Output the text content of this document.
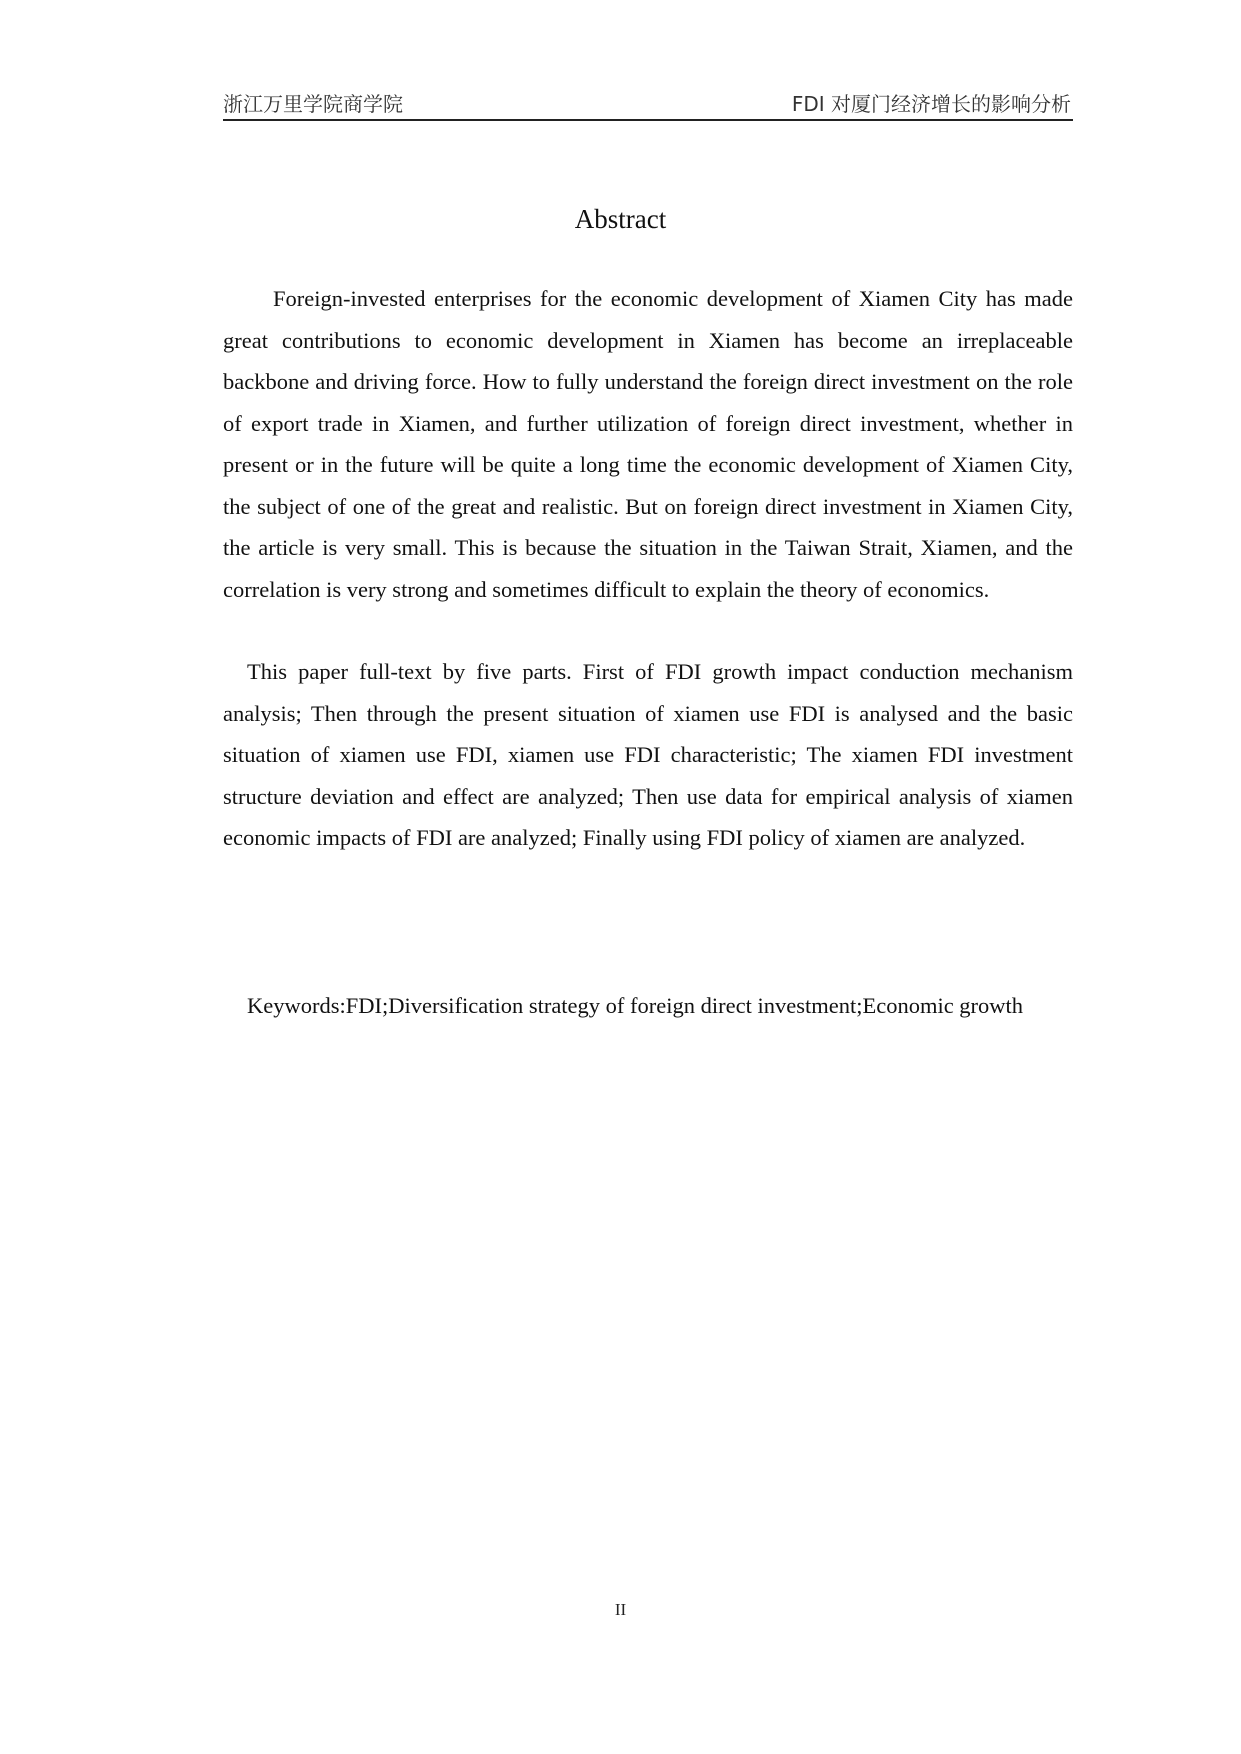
浙江万里学院商学院	FDI 对厦门经济增长的影响分析
Abstract

Foreign-invested enterprises for the economic development of Xiamen City has made great contributions to economic development in Xiamen has become an irreplaceable backbone and driving force. How to fully understand the foreign direct investment on the role of export trade in Xiamen, and further utilization of foreign direct investment, whether in present or in the future will be quite a long time the economic development of Xiamen City, the subject of one of the great and realistic. But on foreign direct investment in Xiamen City, the article is very small. This is because the situation in the Taiwan Strait, Xiamen, and the correlation is very strong and sometimes difficult to explain the theory of economics.

This paper full-text by five parts. First of FDI growth impact conduction mechanism analysis; Then through the present situation of xiamen use FDI is analysed and the basic situation of xiamen use FDI, xiamen use FDI characteristic; The xiamen FDI investment structure deviation and effect are analyzed; Then use data for empirical analysis of xiamen economic impacts of FDI are analyzed; Finally using FDI policy of xiamen are analyzed.

Keywords:FDI;Diversification strategy of foreign direct investment;Economic growth

II
